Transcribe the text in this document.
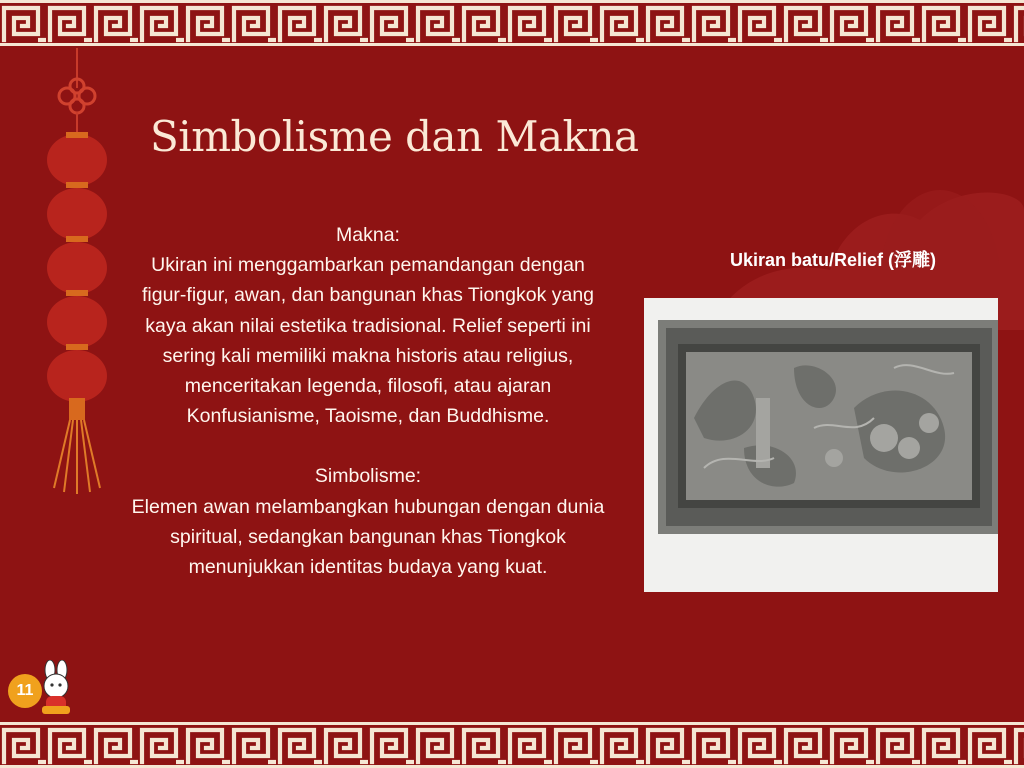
Simbolisme dan Makna

Makna:

Ukiran ini menggambarkan pemandangan dengan figur-figur, awan, dan bangunan khas Tiongkok yang kaya akan nilai estetika tradisional. Relief seperti ini sering kali memiliki makna historis atau religius, menceritakan legenda, filosofi, atau ajaran Konfusianisme, Taoisme, dan Buddhisme.

Simbolisme:

Elemen awan melambangkan hubungan dengan dunia spiritual, sedangkan bangunan khas Tiongkok menunjukkan identitas budaya yang kuat.

Ukiran batu/Relief (浮雕)
11
